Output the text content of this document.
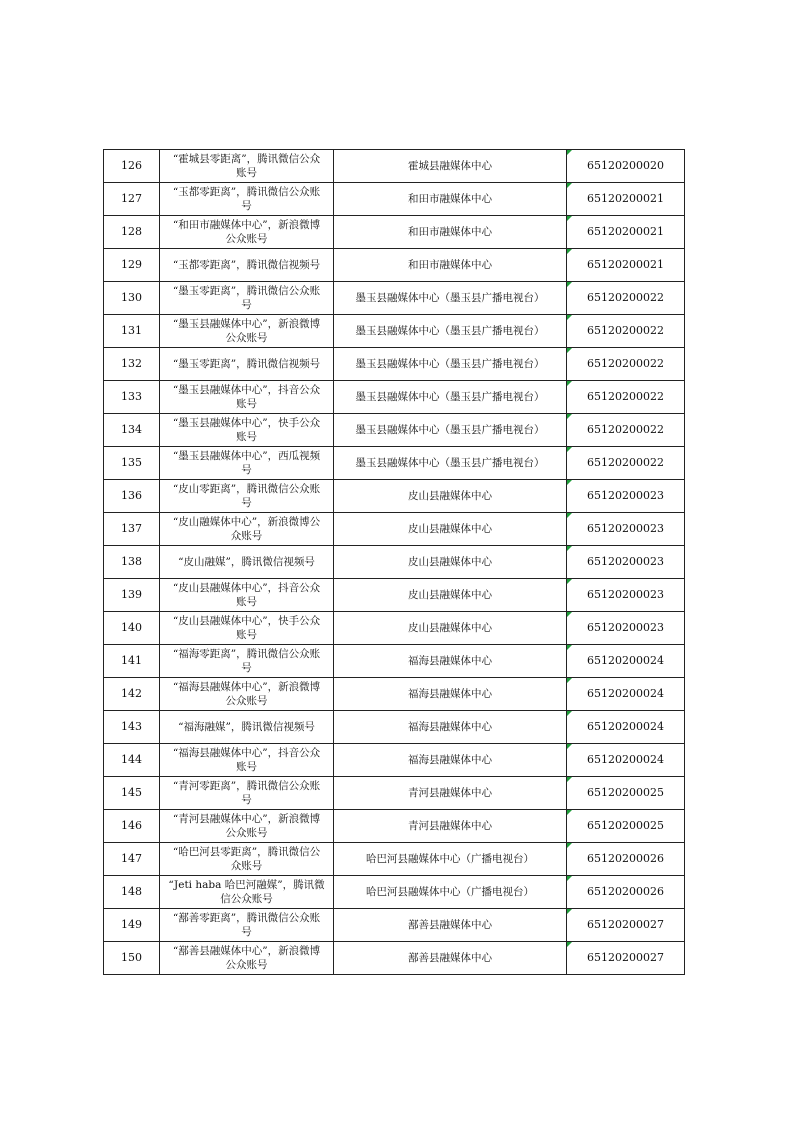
126	“霍城县零距离”，腾讯微信公众账号	霍城县融媒体中心	65120200020
127	“玉都零距离”，腾讯微信公众账号	和田市融媒体中心	65120200021
128	“和田市融媒体中心”，新浪微博公众账号	和田市融媒体中心	65120200021
129	“玉都零距离”，腾讯微信视频号	和田市融媒体中心	65120200021
130	“墨玉零距离”，腾讯微信公众账号	墨玉县融媒体中心（墨玉县广播电视台）	65120200022
131	“墨玉县融媒体中心”，新浪微博公众账号	墨玉县融媒体中心（墨玉县广播电视台）	65120200022
132	“墨玉零距离”，腾讯微信视频号	墨玉县融媒体中心（墨玉县广播电视台）	65120200022
133	“墨玉县融媒体中心”，抖音公众账号	墨玉县融媒体中心（墨玉县广播电视台）	65120200022
134	“墨玉县融媒体中心”，快手公众账号	墨玉县融媒体中心（墨玉县广播电视台）	65120200022
135	“墨玉县融媒体中心”，西瓜视频号	墨玉县融媒体中心（墨玉县广播电视台）	65120200022
136	“皮山零距离”，腾讯微信公众账号	皮山县融媒体中心	65120200023
137	“皮山融媒体中心”，新浪微博公众账号	皮山县融媒体中心	65120200023
138	“皮山融媒”，腾讯微信视频号	皮山县融媒体中心	65120200023
139	“皮山县融媒体中心”，抖音公众账号	皮山县融媒体中心	65120200023
140	“皮山县融媒体中心”，快手公众账号	皮山县融媒体中心	65120200023
141	“福海零距离”，腾讯微信公众账号	福海县融媒体中心	65120200024
142	“福海县融媒体中心”，新浪微博公众账号	福海县融媒体中心	65120200024
143	“福海融媒”，腾讯微信视频号	福海县融媒体中心	65120200024
144	“福海县融媒体中心”，抖音公众账号	福海县融媒体中心	65120200024
145	“青河零距离”，腾讯微信公众账号	青河县融媒体中心	65120200025
146	“青河县融媒体中心”，新浪微博公众账号	青河县融媒体中心	65120200025
147	“哈巴河县零距离”，腾讯微信公众账号	哈巴河县融媒体中心（广播电视台）	65120200026
148	“Jeti haba 哈巴河融媒”，腾讯微信公众账号	哈巴河县融媒体中心（广播电视台）	65120200026
149	“鄯善零距离”，腾讯微信公众账号	鄯善县融媒体中心	65120200027
150	“鄯善县融媒体中心”，新浪微博公众账号	鄯善县融媒体中心	65120200027
